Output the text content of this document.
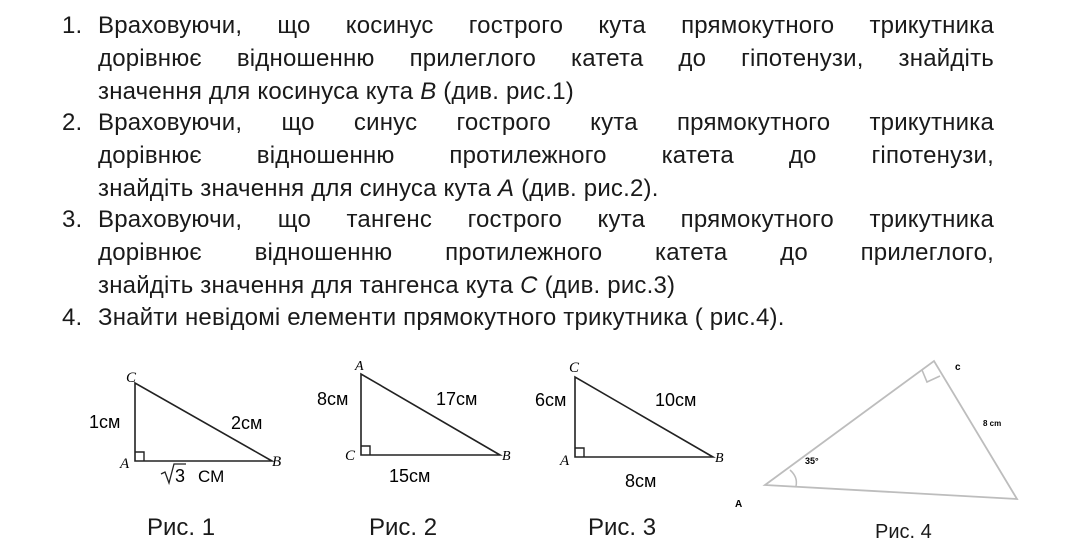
1. Враховуючи, що косинус гострого кута прямокутного трикутника
дорівнює відношенню прилеглого катета до гіпотенузи, знайдіть
значення для косинуса кута B (див. рис.1)
2. Враховуючи, що синус гострого кута прямокутного трикутника
дорівнює відношенню протилежного катета до гіпотенузи,
знайдіть значення для синуса кута A (див. рис.2).
3. Враховуючи, що тангенс гострого кута прямокутного трикутника
дорівнює відношенню протилежного катета до прилеглого,
знайдіть значення для тангенса кута C (див. рис.3)
4. Знайти невідомі елементи прямокутного трикутника ( рис.4).
C
A	B
1см	2см
3 СМ
A
C	B
8см	17см
15см
C
A	B
6см	10см
8см
A
c
35°
8 cm
Рис. 1	Рис. 2	Рис. 3	Рис. 4
